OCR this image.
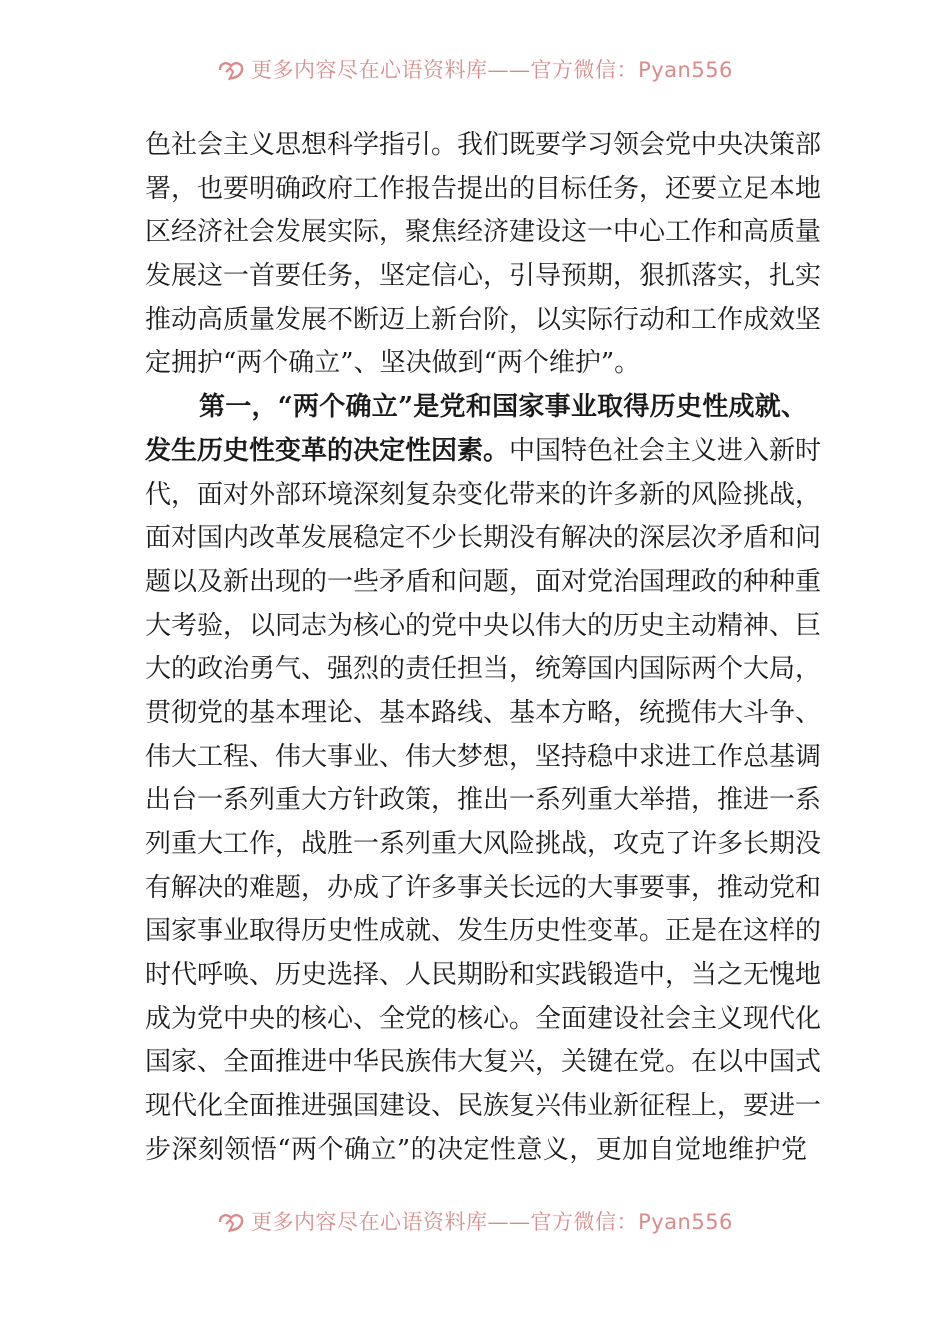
更多内容尽在心语资料库——官方微信：Pyan556
色社会主义思想科学指引。我们既要学习领会党中央决策部
署，也要明确政府工作报告提出的目标任务，还要立足本地
区经济社会发展实际，聚焦经济建设这一中心工作和高质量
发展这一首要任务，坚定信心，引导预期，狠抓落实，扎实
推动高质量发展不断迈上新台阶，以实际行动和工作成效坚
定拥护“两个确立”、坚决做到“两个维护”。
第一，“两个确立”是党和国家事业取得历史性成就、
发生历史性变革的决定性因素。中国特色社会主义进入新时
代，面对外部环境深刻复杂变化带来的许多新的风险挑战，
面对国内改革发展稳定不少长期没有解决的深层次矛盾和问
题以及新出现的一些矛盾和问题，面对党治国理政的种种重
大考验，以同志为核心的党中央以伟大的历史主动精神、巨
大的政治勇气、强烈的责任担当，统筹国内国际两个大局，
贯彻党的基本理论、基本路线、基本方略，统揽伟大斗争、
伟大工程、伟大事业、伟大梦想，坚持稳中求进工作总基调
出台一系列重大方针政策，推出一系列重大举措，推进一系
列重大工作，战胜一系列重大风险挑战，攻克了许多长期没
有解决的难题，办成了许多事关长远的大事要事，推动党和
国家事业取得历史性成就、发生历史性变革。正是在这样的
时代呼唤、历史选择、人民期盼和实践锻造中，当之无愧地
成为党中央的核心、全党的核心。全面建设社会主义现代化
国家、全面推进中华民族伟大复兴，关键在党。在以中国式
现代化全面推进强国建设、民族复兴伟业新征程上，要进一
步深刻领悟“两个确立”的决定性意义，更加自觉地维护党
更多内容尽在心语资料库——官方微信：Pyan556
